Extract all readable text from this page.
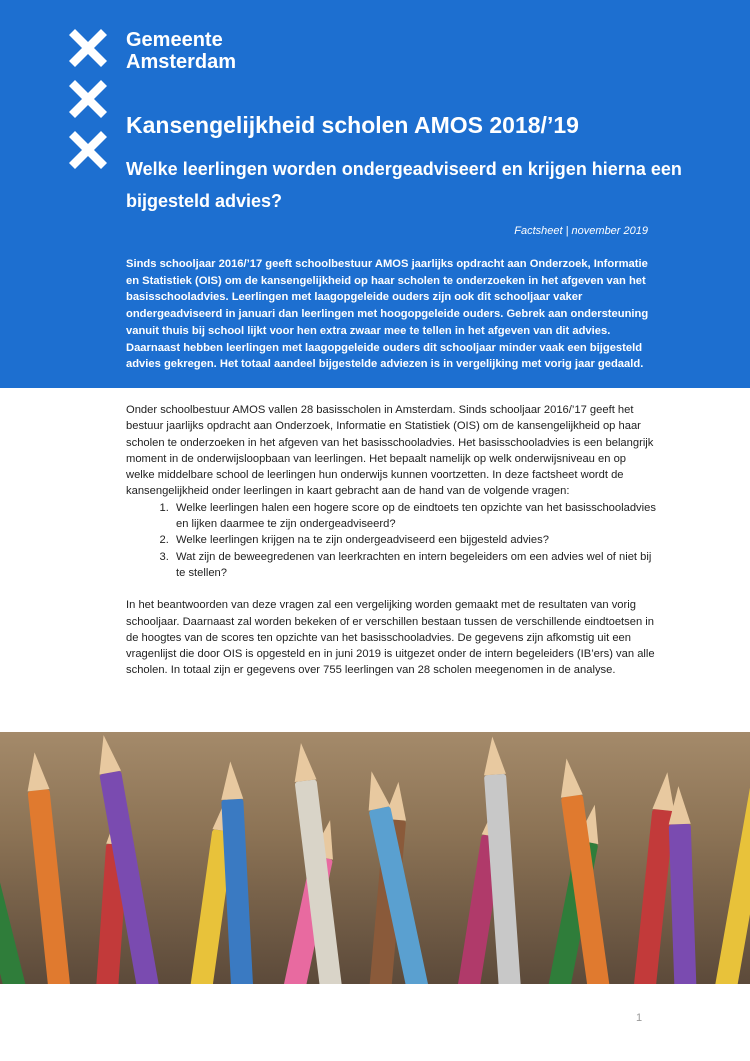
Gemeente
Amsterdam
Kansengelijkheid scholen AMOS 2018/’19
Welke leerlingen worden ondergeadviseerd en krijgen hierna een bijgesteld advies?
Factsheet | november 2019

Sinds schooljaar 2016/’17 geeft schoolbestuur AMOS jaarlijks opdracht aan Onderzoek, Informatie en Statistiek (OIS) om de kansengelijkheid op haar scholen te onderzoeken in het afgeven van het basisschooladvies. Leerlingen met laagopgeleide ouders zijn ook dit schooljaar vaker ondergeadviseerd in januari dan leerlingen met hoogopgeleide ouders. Gebrek aan ondersteuning vanuit thuis bij school lijkt voor hen extra zwaar mee te tellen in het afgeven van dit advies. Daarnaast hebben leerlingen met laagopgeleide ouders dit schooljaar minder vaak een bijgesteld advies gekregen. Het totaal aandeel bijgestelde adviezen is in vergelijking met vorig jaar gedaald.

Onder schoolbestuur AMOS vallen 28 basisscholen in Amsterdam. Sinds schooljaar 2016/’17 geeft het bestuur jaarlijks opdracht aan Onderzoek, Informatie en Statistiek (OIS) om de kansengelijkheid op haar scholen te onderzoeken in het afgeven van het basisschooladvies. Het basisschooladvies is een belangrijk moment in de onderwijsloopbaan van leerlingen. Het bepaalt namelijk op welk onderwijsniveau en op welke middelbare school de leerlingen hun onderwijs kunnen voortzetten. In deze factsheet wordt de kansengelijkheid onder leerlingen in kaart gebracht aan de hand van de volgende vragen:

1. Welke leerlingen halen een hogere score op de eindtoets ten opzichte van het basisschooladvies en lijken daarmee te zijn ondergeadviseerd?
2. Welke leerlingen krijgen na te zijn ondergeadviseerd een bijgesteld advies?
3. Wat zijn de beweegredenen van leerkrachten en intern begeleiders om een advies wel of niet bij te stellen?

In het beantwoorden van deze vragen zal een vergelijking worden gemaakt met de resultaten van vorig schooljaar. Daarnaast zal worden bekeken of er verschillen bestaan tussen de verschillende eindtoetsen in de hoogtes van de scores ten opzichte van het basisschooladvies. De gegevens zijn afkomstig uit een vragenlijst die door OIS is opgesteld en in juni 2019 is uitgezet onder de intern begeleiders (IB’ers) van alle scholen. In totaal zijn er gegevens over 755 leerlingen van 28 scholen meegenomen in de analyse.

1
